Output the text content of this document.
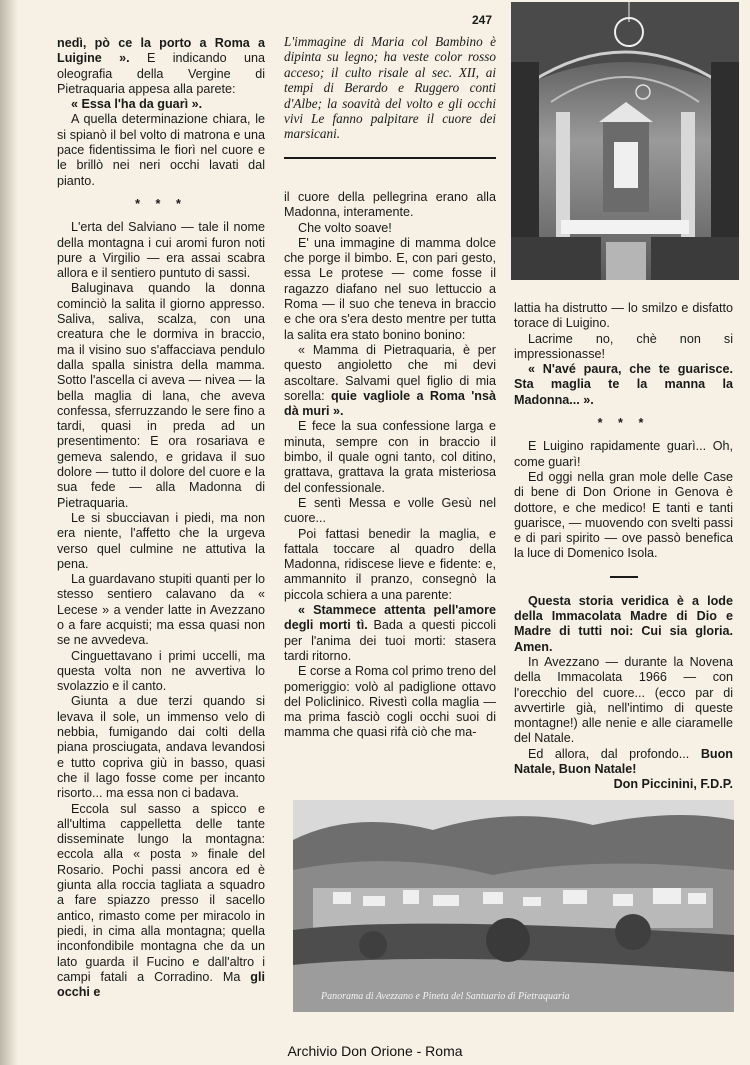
247

nedì, pò ce la porto a Roma a Luigine ». E indicando una oleografia della Vergine di Pietraquaria appesa alla parete:

« Essa l'ha da guarì ».

A quella determinazione chiara, le si spianò il bel volto di matrona e una pace fidentissima le fiorì nel cuore e le brillò nei neri occhi lavati dal pianto.

* * *

L'erta del Salviano — tale il nome della montagna i cui aromi furon noti pure a Virgilio — era assai scabra allora e il sentiero puntuto di sassi.

Baluginava quando la donna cominciò la salita il giorno appresso. Saliva, saliva, scalza, con una creatura che le dormiva in braccio, ma il visino suo s'affacciava pendulo dalla spalla sinistra della mamma. Sotto l'ascella ci aveva — nivea — la bella maglia di lana, che aveva confessa, sferruzzando le sere fino a tardi, quasi in preda ad un presentimento: E ora rosariava e gemeva salendo, e gridava il suo dolore — tutto il dolore del cuore e la sua fede — alla Madonna di Pietraquaria.

Le si sbucciavan i piedi, ma non era niente, l'affetto che la urgeva verso quel culmine ne attutiva la pena.

La guardavano stupiti quanti per lo stesso sentiero calavano da « Lecese » a vender latte in Avezzano o a fare acquisti; ma essa quasi non se ne avvedeva.

Cinguettavano i primi uccelli, ma questa volta non ne avvertiva lo svolazzio e il canto.

Giunta a due terzi quando si levava il sole, un immenso velo di nebbia, fumigando dai colti della piana prosciugata, andava levandosi e tutto copriva giù in basso, quasi che il lago fosse come per incanto risorto... ma essa non ci badava.

Eccola sul sasso a spicco e all'ultima cappelletta delle tante disseminate lungo la montagna: eccola alla « posta » finale del Rosario. Pochi passi ancora ed è giunta alla roccia tagliata a squadro a fare spiazzo presso il sacello antico, rimasto come per miracolo in piedi, in cima alla montagna; quella inconfondibile montagna che da un lato guarda il Fucino e dall'altro i campi fatali a Corradino. Ma gli occhi e

L'immagine di Maria col Bambino è dipinta su legno; ha veste color rosso acceso; il culto risale al sec. XII, ai tempi di Berardo e Ruggero conti d'Albe; la soavità del volto e gli occhi vivi Le fanno palpitare il cuore dei marsicani.

il cuore della pellegrina erano alla Madonna, interamente.

Che volto soave!

E' una immagine di mamma dolce che porge il bimbo. E, con pari gesto, essa Le protese — come fosse il ragazzo diafano nel suo lettuccio a Roma — il suo che teneva in braccio e che ora s'era desto mentre per tutta la salita era stato bonino bonino:

« Mamma di Pietraquaria, è per questo angioletto che mi devi ascoltare. Salvami quel figlio di mia sorella: quie vagliole a Roma 'nsà dà muri ».

E fece la sua confessione larga e minuta, sempre con in braccio il bimbo, il quale ogni tanto, col ditino, grattava, grattava la grata misteriosa del confessionale.

E sentì Messa e volle Gesù nel cuore...

Poi fattasi benedir la maglia, e fattala toccare al quadro della Madonna, ridiscese lieve e fidente: e, ammannito il pranzo, consegnò la piccola schiera a una parente:

« Stammece attenta pell'amore degli morti tì. Bada a questi piccoli per l'anima dei tuoi morti: stasera tardi ritorno.

E corse a Roma col primo treno del pomeriggio: volò al padiglione ottavo del Policlinico. Rivestì colla maglia — ma prima fasciò cogli occhi suoi di mamma che quasi rifà ciò che ma-

lattia ha distrutto — lo smilzo e disfatto torace di Luigino.

Lacrime no, chè non si impressionasse!

« N'avé paura, che te guarisce. Sta maglia te la manna la Madonna... ».

* * *

E Luigino rapidamente guarì... Oh, come guarì!

Ed oggi nella gran mole delle Case di bene di Don Orione in Genova è dottore, e che medico! E tanti e tanti guarisce, — muovendo con svelti passi e di pari spirito — ove passò benefica la luce di Domenico Isola.

Questa storia veridica è a lode della Immacolata Madre di Dio e Madre di tutti noi: Cui sia gloria. Amen.

In Avezzano — durante la Novena della Immacolata 1966 — con l'orecchio del cuore... (ecco par di avvertirle già, nell'intimo di queste montagne!) alle nenie e alle ciaramelle del Natale.

Ed allora, dal profondo... Buon Natale, Buon Natale!

Don Piccinini, F.D.P.

Panorama di Avezzano e Pineta del Santuario di Pietraquaria
Archivio Don Orione - Roma
